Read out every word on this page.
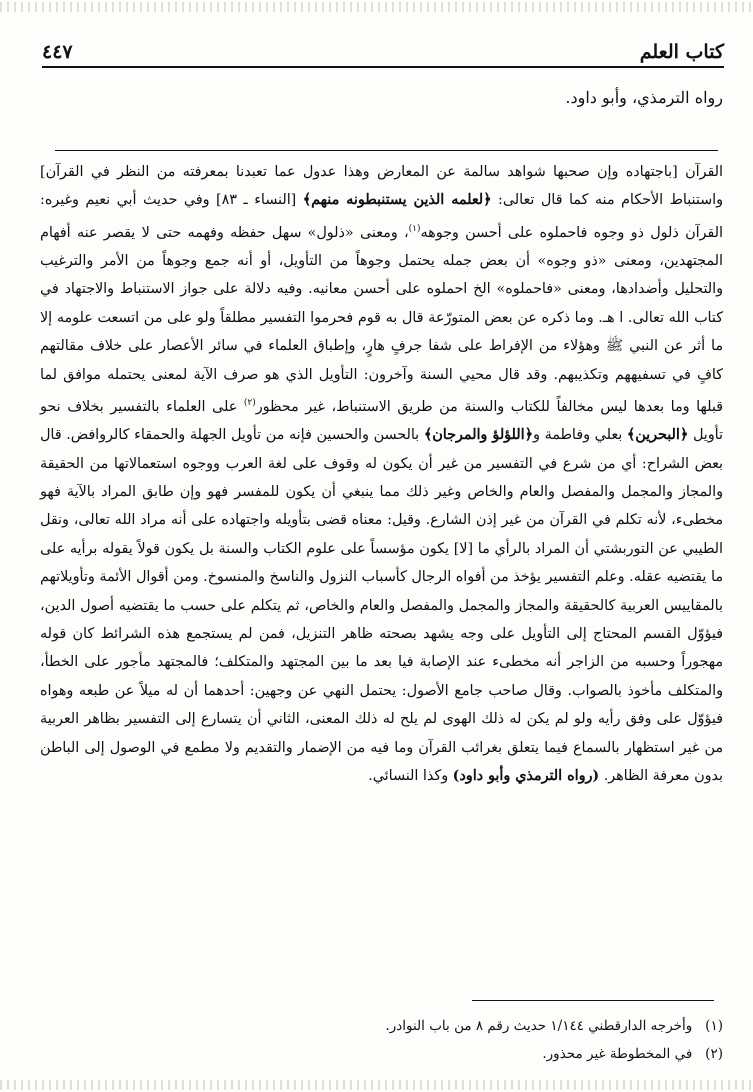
٤٤٧	كتاب العلم
رواه الترمذي، وأبو داود.

القرآن [باجتهاده وإن صحبها شواهد سالمة عن المعارض وهذا عدول عما تعبدنا بمعرفته من النظر في القرآن] واستنباط الأحكام منه كما قال تعالى: ﴿لعلمه الذين يستنبطونه منهم﴾ [النساء ـ ٨٣] وفي حديث أبي نعيم وغيره: القرآن ذلول ذو وجوه فاحملوه على أحسن وجوهه$^{(١)}$، ومعنى «ذلول» سهل حفظه وفهمه حتى لا يقصر عنه أفهام المجتهدين، ومعنى «ذو وجوه» أن بعض جمله يحتمل وجوهاً من التأويل، أو أنه جمع وجوهاً من الأمر والترغيب والتحليل وأضدادها، ومعنى «فاحملوه» الخ احملوه على أحسن معانيه. وفيه دلالة على جواز الاستنباط والاجتهاد في كتاب الله تعالى. ا هـ. وما ذكره عن بعض المتورّعة قال به قوم فحرموا التفسير مطلقاً ولو على من اتسعت علومه إلا ما أثر عن النبي ﷺ وهؤلاء من الإفراط على شفا جرفٍ هارٍ، وإطباق العلماء في سائر الأعصار على خلاف مقالتهم كافٍ في تسفيههم وتكذيبهم. وقد قال محيي السنة وآخرون: التأويل الذي هو صرف الآية لمعنى يحتمله موافق لما قبلها وما بعدها ليس مخالفاً للكتاب والسنة من طريق الاستنباط، غير محظور$^{(٢)}$ على العلماء بالتفسير بخلاف نحو تأويل ﴿البحرين﴾ بعلي وفاطمة و﴿اللؤلؤ والمرجان﴾ بالحسن والحسين فإنه من تأويل الجهلة والحمقاء كالروافض. قال بعض الشراح: أي من شرع في التفسير من غير أن يكون له وقوف على لغة العرب ووجوه استعمالاتها من الحقيقة والمجاز والمجمل والمفصل والعام والخاص وغير ذلك مما ينبغي أن يكون للمفسر فهو وإن طابق المراد بالآية فهو مخطىء، لأنه تكلم في القرآن من غير إذن الشارع. وقيل: معناه قضى بتأويله واجتهاده على أنه مراد الله تعالى، ونقل الطيبي عن التوربشتي أن المراد بالرأي ما [لا] يكون مؤسساً على علوم الكتاب والسنة بل يكون قولاً يقوله برأيه على ما يقتضيه عقله. وعلم التفسير يؤخذ من أفواه الرجال كأسباب النزول والناسخ والمنسوخ. ومن أقوال الأئمة وتأويلاتهم بالمقاييس العربية كالحقيقة والمجاز والمجمل والمفصل والعام والخاص، ثم يتكلم على حسب ما يقتضيه أصول الدين، فيؤوّل القسم المحتاج إلى التأويل على وجه يشهد بصحته ظاهر التنزيل، فمن لم يستجمع هذه الشرائط كان قوله مهجوراً وحسبه من الزاجر أنه مخطىء عند الإصابة فيا بعد ما بين المجتهد والمتكلف؛ فالمجتهد مأجور على الخطأ، والمتكلف مأخوذ بالصواب. وقال صاحب جامع الأصول: يحتمل النهي عن وجهين: أحدهما أن له ميلاً عن طبعه وهواه فيؤوّل على وفق رأيه ولو لم يكن له ذلك الهوى لم يلح له ذلك المعنى، الثاني أن يتسارع إلى التفسير بظاهر العربية من غير استظهار بالسماع فيما يتعلق بغرائب القرآن وما فيه من الإضمار والتقديم ولا مطمع في الوصول إلى الباطن بدون معرفة الظاهر. (رواه الترمذي وأبو داود) وكذا النسائي.

(١)   وأخرجه الدارقطني ١/١٤٤ حديث رقم ٨ من باب النوادر.
(٢)   في المخطوطة غير محذور.
